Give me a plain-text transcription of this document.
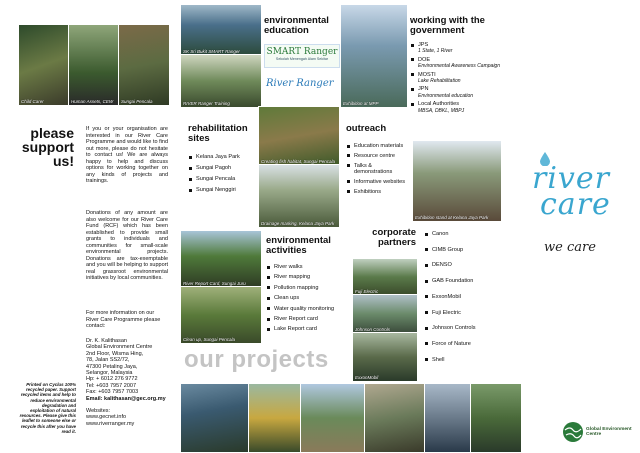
Child Carer	Human Assets, CEW Sungai Pencala
please support us!
If you or your organisation are interested in our River Care Programme and would like to find out more, please do not hesitate to contact us! We are always happy to help and discuss options for working together on any kinds of projects and trainings.
Donations of any amount are also welcome for our River Care Fund (RCF) which has been established to provide small grants to individuals and communities for small-scale environmental projects. Donations are tax-exemptable and you will be helping to support real grassroot environmental initiatives by local communities.
For more information on our River Care Programme please contact:
Dr. K. Kalithasan
Global Environment Centre
2nd Floor, Wisma Hing,
78, Jalan SS2/72,
47300 Petaling Jaya,
Selangor, Malaysia
Hp: + 6012 276 9772
Tel: +603 7957 2007
Fax: +603 7957 7003
Email: kalithasan@gec.org.my
Websites:
www.gecnet.info
www.riverranger.my
Printed on Cyclus 100% recycled paper. Support recycled items and help to reduce environmental degradation and exploitation of natural resources. Please give this leaflet to someone else or recycle this after you have read it.
SK Sri Bukit SMART Ranger
RIVER Ranger Training
environmental education
SMART Ranger
Sekolah Menengah Alam Sekitar
River Ranger
rehabilitation sites
Kelana Jaya Park
Sungai Pagoh
Sungai Pencala
Sungai Nenggiri
Creating fish habitat, Sungai Pencala
Drainage marking, Kelana Jaya Park
River Report Card, Sungai Juru
Clean up, Sungai Pencala
environmental activities
River walks
River mapping
Pollution mapping
Clean ups
Water quality monitoring
River Report card
Lake Report card
our projects
Exhibition at MPP
working with the government
JPS
1 State, 1 River
DOE
Environmental Awareness Campaign
MOSTI
Lake Rehabilitation
JPN
Environmental education
Local Authorities
MBSA, DBKL, MBPJ
outreach
Education materials
Resource centre
Talks & demonstrations
Informative websites
Exhibitions
Exhibition stand at Kelana Jaya Park
corporate partners
Fuji Electric
Johnson Controls
ExxonMobil
Canon
CIMB Group
DENSO
GAB Foundation
ExxonMobil
Fuji Electric
Johnson Controls
Force of Nature
Shell
river
care
we care
Global Environment Centre
